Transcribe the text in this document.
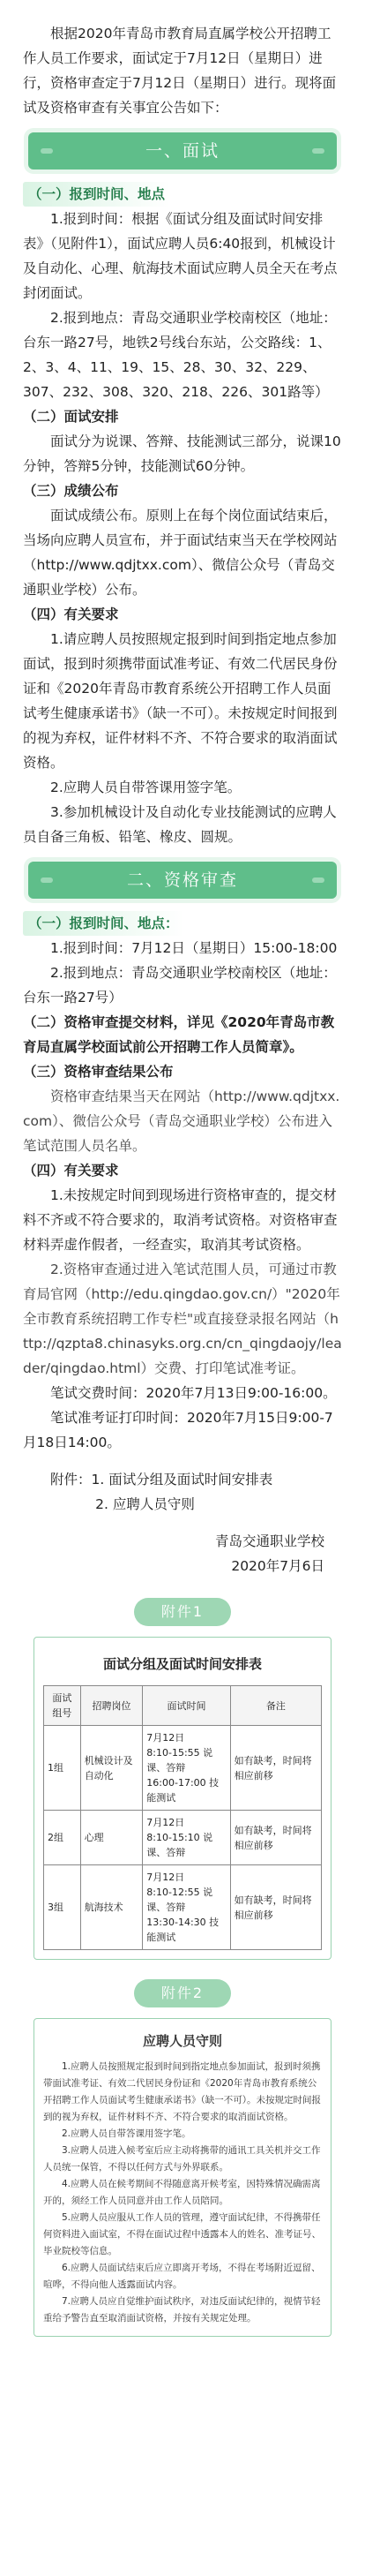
根据2020年青岛市教育局直属学校公开招聘工作人员工作要求，面试定于7月12日（星期日）进行，资格审查定于7月12日（星期日）进行。现将面试及资格审查有关事宜公告如下：

一、面试

（一）报到时间、地点

1.报到时间：根据《面试分组及面试时间安排表》（见附件1），面试应聘人员6:40报到，机械设计及自动化、心理、航海技术面试应聘人员全天在考点封闭面试。

2.报到地点：青岛交通职业学校南校区（地址：台东一路27号，地铁2号线台东站，公交路线：1、2、3、4、11、19、15、28、30、32、229、307、232、308、320、218、226、301路等）

（二）面试安排

面试分为说课、答辩、技能测试三部分，说课10分钟，答辩5分钟，技能测试60分钟。

（三）成绩公布

面试成绩公布。原则上在每个岗位面试结束后，当场向应聘人员宣布，并于面试结束当天在学校网站（http://www.qdjtxx.com）、微信公众号（青岛交通职业学校）公布。

（四）有关要求

1.请应聘人员按照规定报到时间到指定地点参加面试，报到时须携带面试准考证、有效二代居民身份证和《2020年青岛市教育系统公开招聘工作人员面试考生健康承诺书》（缺一不可）。未按规定时间报到的视为弃权，证件材料不齐、不符合要求的取消面试资格。

2.应聘人员自带答课用签字笔。

3.参加机械设计及自动化专业技能测试的应聘人员自备三角板、铅笔、橡皮、圆规。

二、资格审查

（一）报到时间、地点：

1.报到时间：7月12日（星期日）15:00-18:00

2.报到地点：青岛交通职业学校南校区（地址：台东一路27号）

（二）资格审查提交材料，详见《2020年青岛市教育局直属学校面试前公开招聘工作人员简章》。

（三）资格审查结果公布

资格审查结果当天在网站（http://www.qdjtxx.com）、微信公众号（青岛交通职业学校）公布进入笔试范围人员名单。

（四）有关要求

1.未按规定时间到现场进行资格审查的，提交材料不齐或不符合要求的，取消考试资格。对资格审查材料弄虚作假者，一经查实，取消其考试资格。

2.资格审查通过进入笔试范围人员，可通过市教育局官网（http://edu.qingdao.gov.cn/）"2020年全市教育系统招聘工作专栏"或直接登录报名网站（http://qzpta8.chinasyks.org.cn/cn_qingdaojy/leader/qingdao.html）交费、打印笔试准考证。

笔试交费时间：2020年7月13日9:00-16:00。

笔试准考证打印时间：2020年7月15日9:00-7月18日14:00。

附件：1. 面试分组及面试时间安排表

2. 应聘人员守则

青岛交通职业学校

2020年7月6日

附件1
面试分组及面试时间安排表
面试组号	招聘岗位	面试时间	备注
1组	机械设计及自动化	7月12日
8:10-15:55 说课、答辩
16:00-17:00 技能测试	如有缺考，时间将相应前移
2组	心理	7月12日
8:10-15:10 说课、答辩	如有缺考，时间将相应前移
3组	航海技术	7月12日
8:10-12:55 说课、答辩
13:30-14:30 技能测试	如有缺考，时间将相应前移
附件2
应聘人员守则

1.应聘人员按照规定报到时间到指定地点参加面试，报到时须携带面试准考证、有效二代居民身份证和《2020年青岛市教育系统公开招聘工作人员面试考生健康承诺书》（缺一不可）。未按规定时间报到的视为弃权，证件材料不齐、不符合要求的取消面试资格。

2.应聘人员自带答课用签字笔。

3.应聘人员进入候考室后应主动将携带的通讯工具关机并交工作人员统一保管，不得以任何方式与外界联系。

4.应聘人员在候考期间不得随意离开候考室，因特殊情况确需离开的，须经工作人员同意并由工作人员陪同。

5.应聘人员应服从工作人员的管理，遵守面试纪律，不得携带任何资料进入面试室，不得在面试过程中透露本人的姓名、准考证号、毕业院校等信息。

6.应聘人员面试结束后应立即离开考场，不得在考场附近逗留、喧哗，不得向他人透露面试内容。

7.应聘人员应自觉维护面试秩序，对违反面试纪律的，视情节轻重给予警告直至取消面试资格，并按有关规定处理。
